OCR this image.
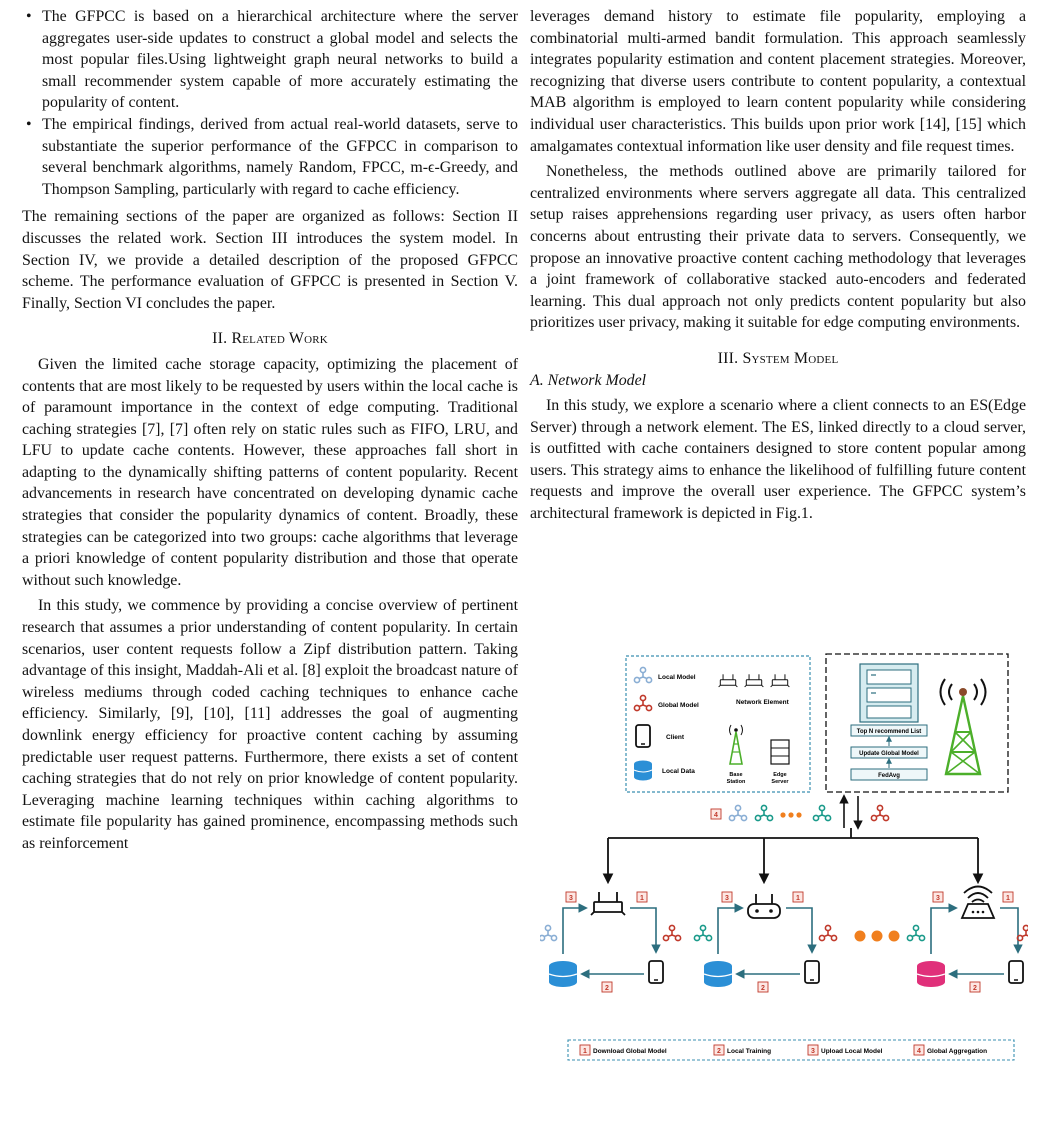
• The GFPCC is based on a hierarchical architecture where the server aggregates user-side updates to construct a global model and selects the most popular files.Using lightweight graph neural networks to build a small recommender system capable of more accurately estimating the popularity of content.
• The empirical findings, derived from actual real-world datasets, serve to substantiate the superior performance of the GFPCC in comparison to several benchmark algorithms, namely Random, FPCC, m-ϵ-Greedy, and Thompson Sampling, particularly with regard to cache efficiency.

The remaining sections of the paper are organized as follows: Section II discusses the related work. Section III introduces the system model. In Section IV, we provide a detailed description of the proposed GFPCC scheme. The performance evaluation of GFPCC is presented in Section V. Finally, Section VI concludes the paper.

II. Related Work

Given the limited cache storage capacity, optimizing the placement of contents that are most likely to be requested by users within the local cache is of paramount importance in the context of edge computing. Traditional caching strategies [7], [7] often rely on static rules such as FIFO, LRU, and LFU to update cache contents. However, these approaches fall short in adapting to the dynamically shifting patterns of content popularity. Recent advancements in research have concentrated on developing dynamic cache strategies that consider the popularity dynamics of content. Broadly, these strategies can be categorized into two groups: cache algorithms that leverage a priori knowledge of content popularity distribution and those that operate without such knowledge.

In this study, we commence by providing a concise overview of pertinent research that assumes a prior understanding of content popularity. In certain scenarios, user content requests follow a Zipf distribution pattern. Taking advantage of this insight, Maddah-Ali et al. [8] exploit the broadcast nature of wireless mediums through coded caching techniques to enhance cache efficiency. Similarly, [9], [10], [11] addresses the goal of augmenting downlink energy efficiency for proactive content caching by assuming predictable user request patterns. Furthermore, there exists a set of content caching strategies that do not rely on prior knowledge of content popularity. Leveraging machine learning techniques within caching algorithms to estimate file popularity has gained prominence, encompassing methods such as reinforcement

leverages demand history to estimate file popularity, employing a combinatorial multi-armed bandit formulation. This approach seamlessly integrates popularity estimation and content placement strategies. Moreover, recognizing that diverse users contribute to content popularity, a contextual MAB algorithm is employed to learn content popularity while considering individual user characteristics. This builds upon prior work [14], [15] which amalgamates contextual information like user density and file request times.

Nonetheless, the methods outlined above are primarily tailored for centralized environments where servers aggregate all data. This centralized setup raises apprehensions regarding user privacy, as users often harbor concerns about entrusting their private data to servers. Consequently, we propose an innovative proactive content caching methodology that leverages a joint framework of collaborative stacked auto-encoders and federated learning. This dual approach not only predicts content popularity but also prioritizes user privacy, making it suitable for edge computing environments.

III. System Model

A. Network Model

In this study, we explore a scenario where a client connects to an ES(Edge Server) through a network element. The ES, linked directly to a cloud server, is outfitted with cache containers designed to store content popular among users. This strategy aims to enhance the likelihood of fulfilling future content requests and improve the overall user experience. The GFPCC system’s architectural framework is depicted in Fig.1.

Local Model
Global Model
Client
Local Data
Network Element
Base
Station
Edge
Server
Top N recommend List
Update Global Model
FedAvg
4
3	1
2
3	1
2
3	1
2
1 Download Global Model	2 Local Training	3 Upload Local Model	4 Global Aggregation
